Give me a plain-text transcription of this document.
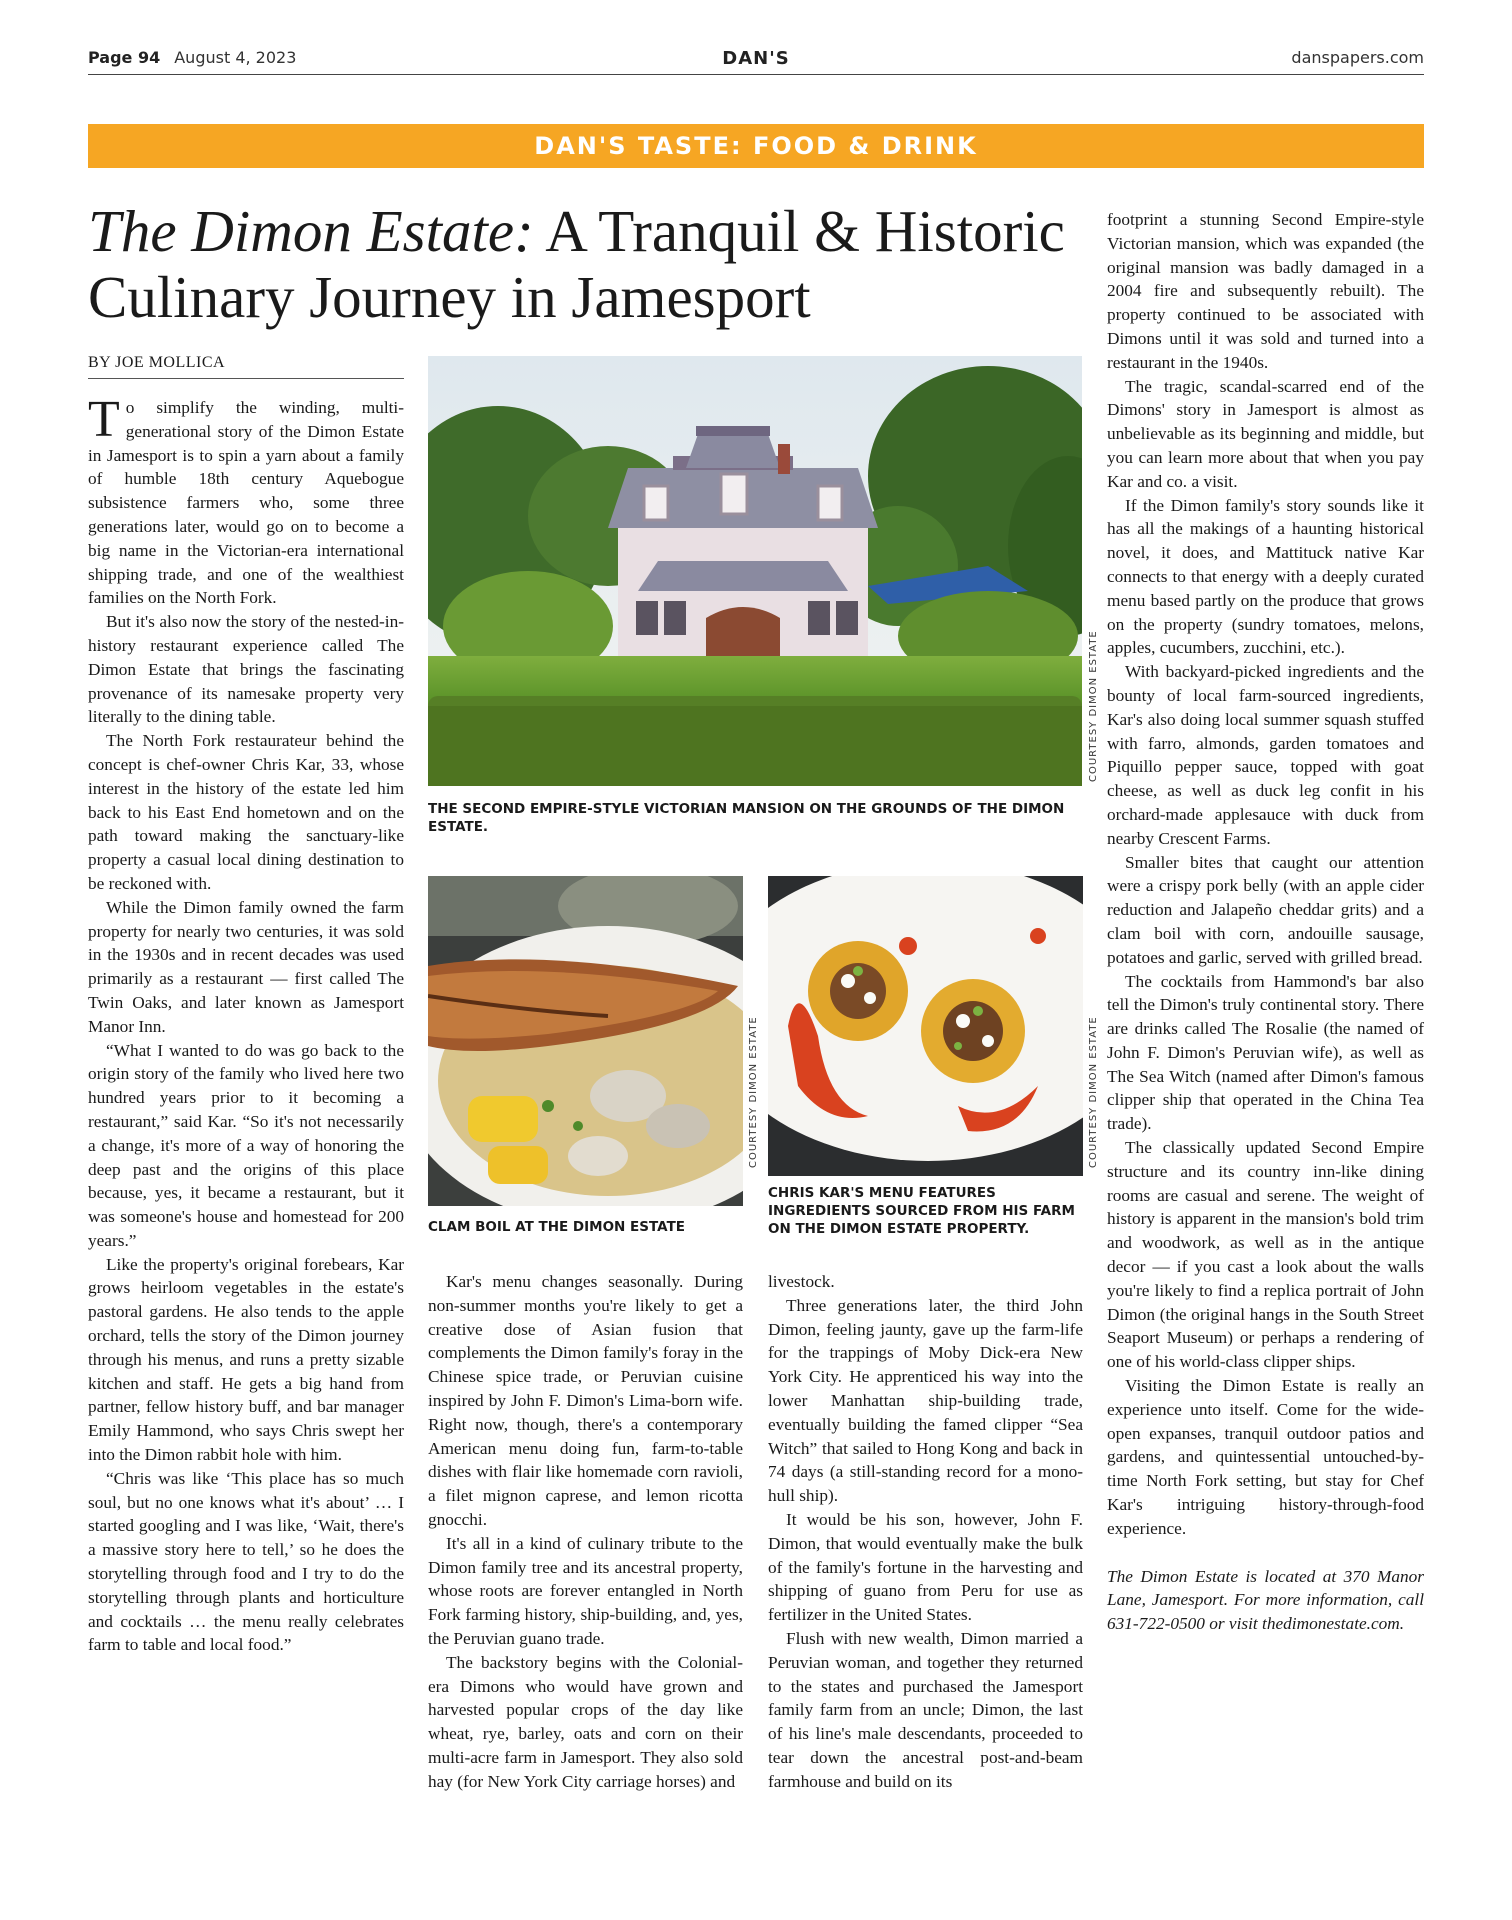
Page 94 August 4, 2023	DAN'S	danspapers.com
DAN'S TASTE: FOOD & DRINK
The Dimon Estate: A Tranquil & Historic Culinary Journey in Jamesport
BY JOE MOLLICA

To simplify the winding, multi-generational story of the Dimon Estate in Jamesport is to spin a yarn about a family of humble 18th century Aquebogue subsistence farmers who, some three generations later, would go on to become a big name in the Victorian-era international shipping trade, and one of the wealthiest families on the North Fork.

But it's also now the story of the nested-in-history restaurant experience called The Dimon Estate that brings the fascinating provenance of its namesake property very literally to the dining table.

The North Fork restaurateur behind the concept is chef-owner Chris Kar, 33, whose interest in the history of the estate led him back to his East End hometown and on the path toward making the sanctuary-like property a casual local dining destination to be reckoned with.

While the Dimon family owned the farm property for nearly two centuries, it was sold in the 1930s and in recent decades was used primarily as a restaurant — first called The Twin Oaks, and later known as Jamesport Manor Inn.

“What I wanted to do was go back to the origin story of the family who lived here two hundred years prior to it becoming a restaurant,” said Kar. “So it's not necessarily a change, it's more of a way of honoring the deep past and the origins of this place because, yes, it became a restaurant, but it was someone's house and homestead for 200 years.”

Like the property's original forebears, Kar grows heirloom vegetables in the estate's pastoral gardens. He also tends to the apple orchard, tells the story of the Dimon journey through his menus, and runs a pretty sizable kitchen and staff. He gets a big hand from partner, fellow history buff, and bar manager Emily Hammond, who says Chris swept her into the Dimon rabbit hole with him.

“Chris was like ‘This place has so much soul, but no one knows what it's about’ … I started googling and I was like, ‘Wait, there's a massive story here to tell,’ so he does the storytelling through food and I try to do the storytelling through plants and horticulture and cocktails … the menu really celebrates farm to table and local food.”

COURTESY DIMON ESTATE
THE SECOND EMPIRE-STYLE VICTORIAN MANSION ON THE GROUNDS OF THE DIMON ESTATE.
COURTESY DIMON ESTATE
CLAM BOIL AT THE DIMON ESTATE
COURTESY DIMON ESTATE
CHRIS KAR'S MENU FEATURES INGREDIENTS SOURCED FROM HIS FARM ON THE DIMON ESTATE PROPERTY.

Kar's menu changes seasonally. During non-summer months you're likely to get a creative dose of Asian fusion that complements the Dimon family's foray in the Chinese spice trade, or Peruvian cuisine inspired by John F. Dimon's Lima-born wife. Right now, though, there's a contemporary American menu doing fun, farm-to-table dishes with flair like homemade corn ravioli, a filet mignon caprese, and lemon ricotta gnocchi.

It's all in a kind of culinary tribute to the Dimon family tree and its ancestral property, whose roots are forever entangled in North Fork farming history, ship-building, and, yes, the Peruvian guano trade.

The backstory begins with the Colonial-era Dimons who would have grown and harvested popular crops of the day like wheat, rye, barley, oats and corn on their multi-acre farm in Jamesport. They also sold hay (for New York City carriage horses) and

livestock.

Three generations later, the third John Dimon, feeling jaunty, gave up the farm-life for the trappings of Moby Dick-era New York City. He apprenticed his way into the lower Manhattan ship-building trade, eventually building the famed clipper “Sea Witch” that sailed to Hong Kong and back in 74 days (a still-standing record for a mono-hull ship).

It would be his son, however, John F. Dimon, that would eventually make the bulk of the family's fortune in the harvesting and shipping of guano from Peru for use as fertilizer in the United States.

Flush with new wealth, Dimon married a Peruvian woman, and together they returned to the states and purchased the Jamesport family farm from an uncle; Dimon, the last of his line's male descendants, proceeded to tear down the ancestral post-and-beam farmhouse and build on its

footprint a stunning Second Empire-style Victorian mansion, which was expanded (the original mansion was badly damaged in a 2004 fire and subsequently rebuilt). The property continued to be associated with Dimons until it was sold and turned into a restaurant in the 1940s.

The tragic, scandal-scarred end of the Dimons' story in Jamesport is almost as unbelievable as its beginning and middle, but you can learn more about that when you pay Kar and co. a visit.

If the Dimon family's story sounds like it has all the makings of a haunting historical novel, it does, and Mattituck native Kar connects to that energy with a deeply curated menu based partly on the produce that grows on the property (sundry tomatoes, melons, apples, cucumbers, zucchini, etc.).

With backyard-picked ingredients and the bounty of local farm-sourced ingredients, Kar's also doing local summer squash stuffed with farro, almonds, garden tomatoes and Piquillo pepper sauce, topped with goat cheese, as well as duck leg confit in his orchard-made applesauce with duck from nearby Crescent Farms.

Smaller bites that caught our attention were a crispy pork belly (with an apple cider reduction and Jalapeño cheddar grits) and a clam boil with corn, andouille sausage, potatoes and garlic, served with grilled bread.

The cocktails from Hammond's bar also tell the Dimon's truly continental story. There are drinks called The Rosalie (the named of John F. Dimon's Peruvian wife), as well as The Sea Witch (named after Dimon's famous clipper ship that operated in the China Tea trade).

The classically updated Second Empire structure and its country inn-like dining rooms are casual and serene. The weight of history is apparent in the mansion's bold trim and woodwork, as well as in the antique decor — if you cast a look about the walls you're likely to find a replica portrait of John Dimon (the original hangs in the South Street Seaport Museum) or perhaps a rendering of one of his world-class clipper ships.

Visiting the Dimon Estate is really an experience unto itself. Come for the wide-open expanses, tranquil outdoor patios and gardens, and quintessential untouched-by-time North Fork setting, but stay for Chef Kar's intriguing history-through-food experience.

The Dimon Estate is located at 370 Manor Lane, Jamesport. For more information, call 631-722-0500 or visit thedimonestate.com.
